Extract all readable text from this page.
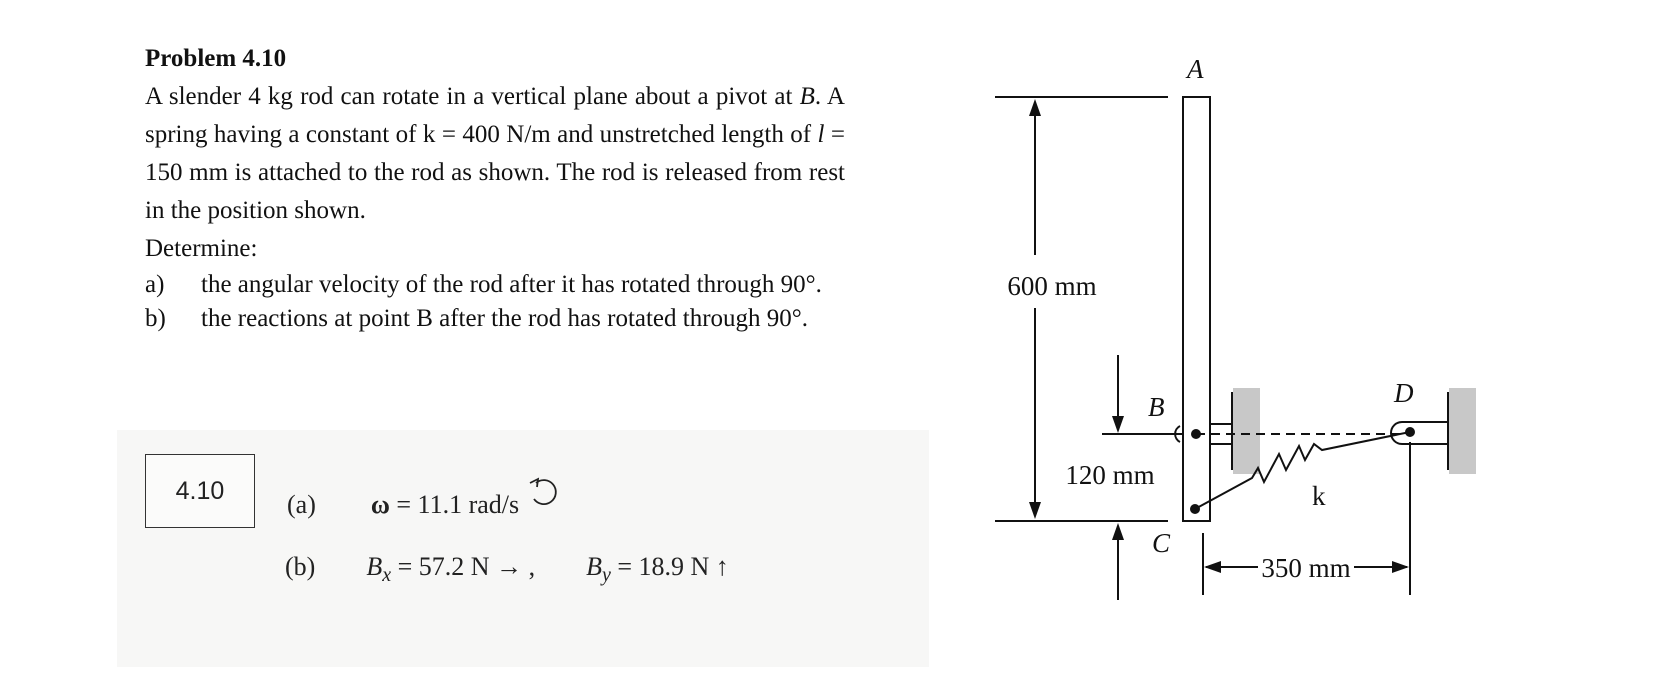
Problem 4.10
A slender 4 kg rod can rotate in a vertical plane about a pivot at B. A spring having a constant of k = 400 N/m and unstretched length of l = 150 mm is attached to the rod as shown. The rod is released from rest in the position shown.
Determine:
a)	the angular velocity of the rod after it has rotated through 90°.
b)	the reactions at point B after the rod has rotated through 90°.
4.10	(a) ω = 11.1 rad/s
(b) $B_x = 57.2$ N → , $B_y = 18.9$ N ↑
600 mm
120 mm
350 mm
A
B
C
D
k
